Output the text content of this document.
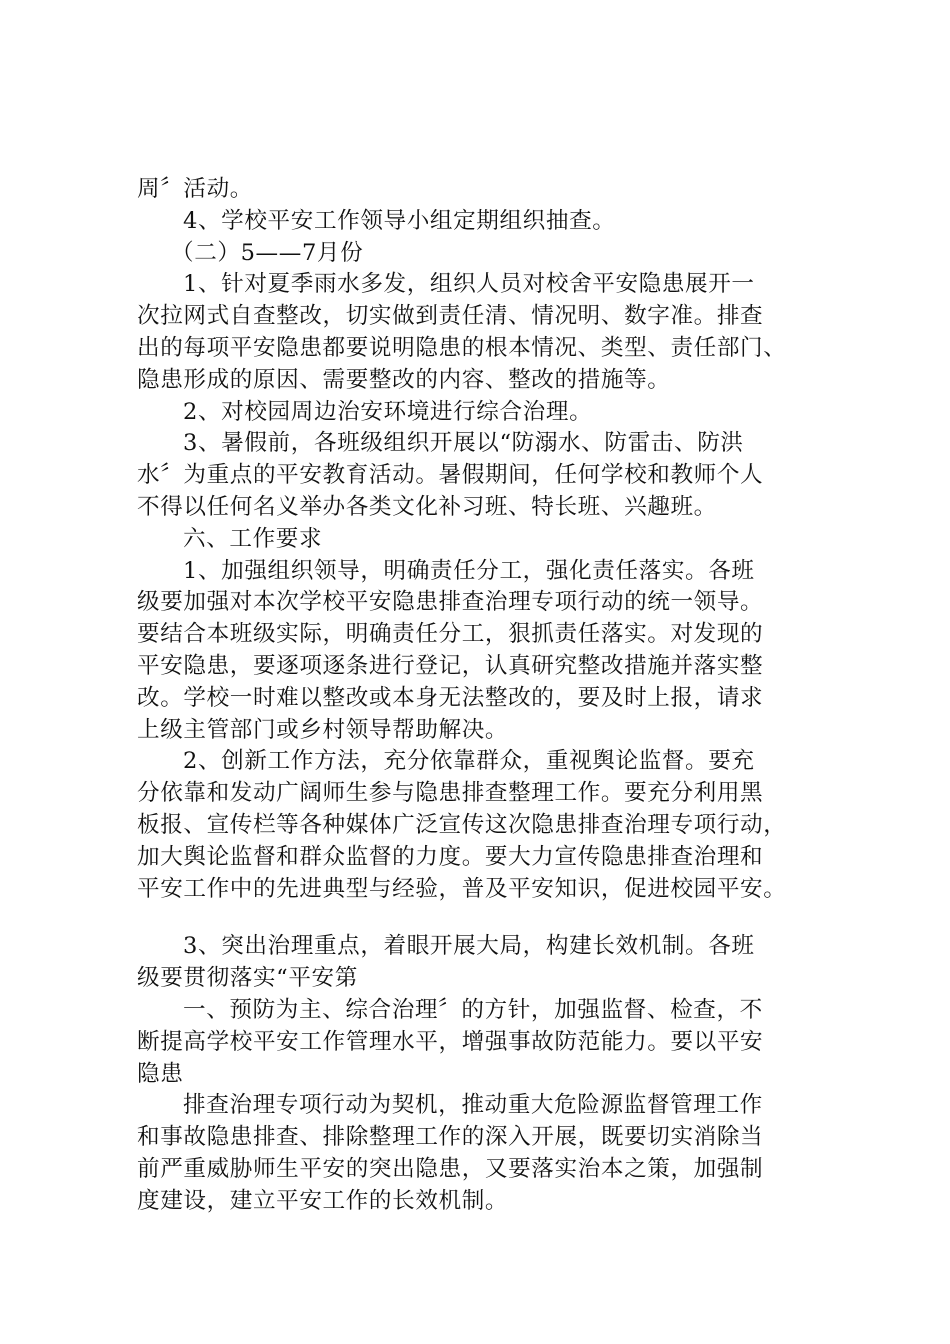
周〞活动。
4、学校平安工作领导小组定期组织抽查。
（二）5——7月份
1、针对夏季雨水多发，组织人员对校舍平安隐患展开一
次拉网式自查整改，切实做到责任清、情况明、数字准。排查
出的每项平安隐患都要说明隐患的根本情况、类型、责任部门、
隐患形成的原因、需要整改的内容、整改的措施等。
2、对校园周边治安环境进行综合治理。
3、暑假前，各班级组织开展以“防溺水、防雷击、防洪
水〞为重点的平安教育活动。暑假期间，任何学校和教师个人
不得以任何名义举办各类文化补习班、特长班、兴趣班。
六、工作要求
1、加强组织领导，明确责任分工，强化责任落实。各班
级要加强对本次学校平安隐患排查治理专项行动的统一领导。
要结合本班级实际，明确责任分工，狠抓责任落实。对发现的
平安隐患，要逐项逐条进行登记，认真研究整改措施并落实整
改。学校一时难以整改或本身无法整改的，要及时上报，请求
上级主管部门或乡村领导帮助解决。
2、创新工作方法，充分依靠群众，重视舆论监督。要充
分依靠和发动广阔师生参与隐患排查整理工作。要充分利用黑
板报、宣传栏等各种媒体广泛宣传这次隐患排查治理专项行动，
加大舆论监督和群众监督的力度。要大力宣传隐患排查治理和
平安工作中的先进典型与经验，普及平安知识，促进校园平安。
3、突出治理重点，着眼开展大局，构建长效机制。各班
级要贯彻落实“平安第
一、预防为主、综合治理〞的方针，加强监督、检查，不
断提高学校平安工作管理水平，增强事故防范能力。要以平安
隐患
排查治理专项行动为契机，推动重大危险源监督管理工作
和事故隐患排查、排除整理工作的深入开展，既要切实消除当
前严重威胁师生平安的突出隐患，又要落实治本之策，加强制
度建设，建立平安工作的长效机制。
